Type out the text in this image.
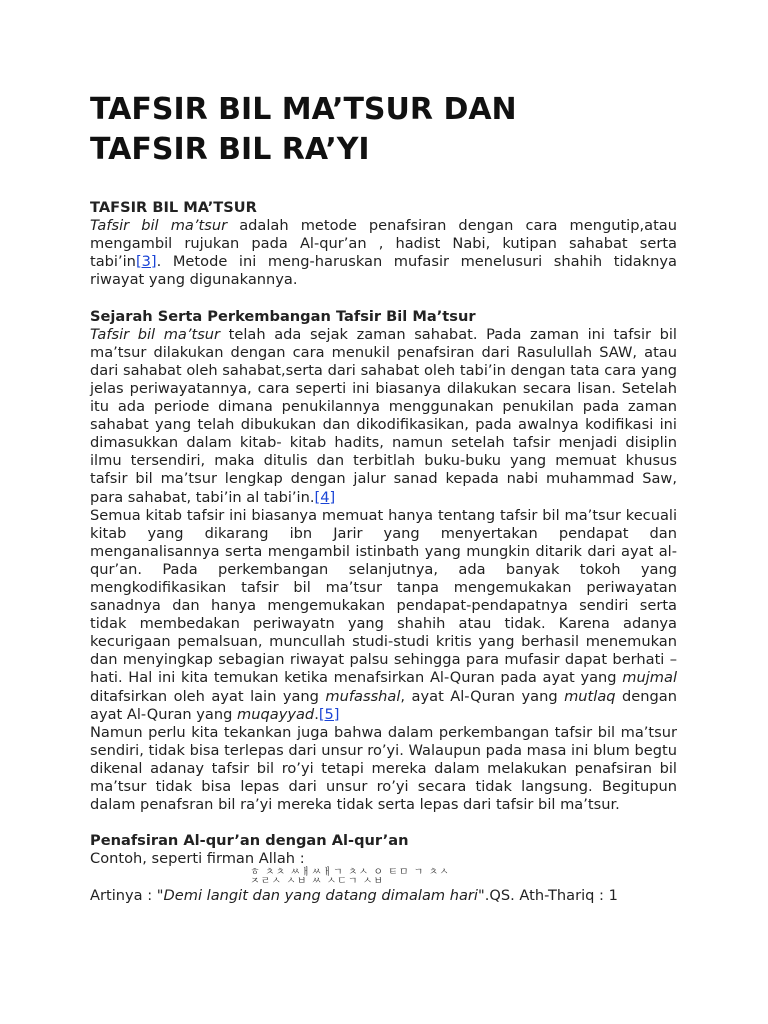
TAFSIR BIL MA’TSUR DAN
TAFSIR BIL RA’YI
TAFSIR BIL MA’TSUR

Tafsir bil ma’tsur adalah metode penafsiran dengan cara mengutip,atau mengambil rujukan pada Al-qur’an , hadist Nabi, kutipan sahabat serta tabi’in[3]. Metode ini meng-haruskan mufasir menelusuri shahih tidaknya riwayat yang digunakannya.

Sejarah Serta Perkembangan Tafsir Bil Ma’tsur

Tafsir bil ma’tsur telah ada sejak zaman sahabat. Pada zaman ini tafsir bil ma’tsur dilakukan dengan cara menukil penafsiran dari Rasulullah SAW, atau dari sahabat oleh sahabat,serta dari sahabat oleh tabi’in dengan tata cara yang jelas periwayatannya, cara seperti ini biasanya dilakukan secara lisan. Setelah itu ada periode dimana penukilannya menggunakan penukilan pada zaman sahabat yang telah dibukukan dan dikodifikasikan, pada awalnya kodifikasi ini dimasukkan dalam kitab- kitab hadits, namun setelah tafsir menjadi disiplin ilmu tersendiri, maka ditulis dan terbitlah buku-buku yang memuat khusus tafsir bil ma’tsur lengkap dengan jalur sanad kepada nabi muhammad Saw, para sahabat, tabi’in al tabi’in.[4]

Semua kitab tafsir ini biasanya memuat hanya tentang tafsir bil ma’tsur kecuali kitab yang dikarang ibn Jarir yang menyertakan pendapat dan menganalisannya serta mengambil istinbath yang mungkin ditarik dari ayat al-qur’an. Pada perkembangan selanjutnya, ada banyak tokoh yang mengkodifikasikan tafsir bil ma’tsur tanpa mengemukakan periwayatan sanadnya dan hanya mengemukakan pendapat-pendapatnya sendiri serta tidak membedakan periwayatn yang shahih atau tidak. Karena adanya kecurigaan pemalsuan, muncullah studi-studi kritis yang berhasil menemukan dan menyingkap sebagian riwayat palsu sehingga para mufasir dapat berhati –hati. Hal ini kita temukan ketika menafsirkan Al-Quran pada ayat yang mujmal ditafsirkan oleh ayat lain yang mufasshal, ayat Al-Quran yang mutlaq dengan ayat Al-Quran yang muqayyad.[5]

Namun perlu kita tekankan juga bahwa dalam perkembangan tafsir bil ma’tsur sendiri, tidak bisa terlepas dari unsur ro’yi. Walaupun pada masa ini blum begtu dikenal adanay tafsir bil ro’yi tetapi mereka dalam melakukan penafsiran bil ma’tsur tidak bisa lepas dari unsur ro’yi secara tidak langsung. Begitupun dalam penafsran bil ra’yi mereka tidak serta lepas dari tafsir bil ma’tsur.

Penafsiran Al-qur’an dengan Al-qur’an

Contoh, seperti firman Allah :

ㅎ ㅊㅊ ㅆㅐㅆㅐㄱ ㅊㅅ ㅇ ㅌㅁ ㄱ ㅊㅅ
ㅈㄹㅅ ㅅㅂ ㅆ ㅅㄷㄱ ㅅㅂ

Artinya : "Demi langit dan yang datang dimalam hari".QS. Ath-Thariq : 1
